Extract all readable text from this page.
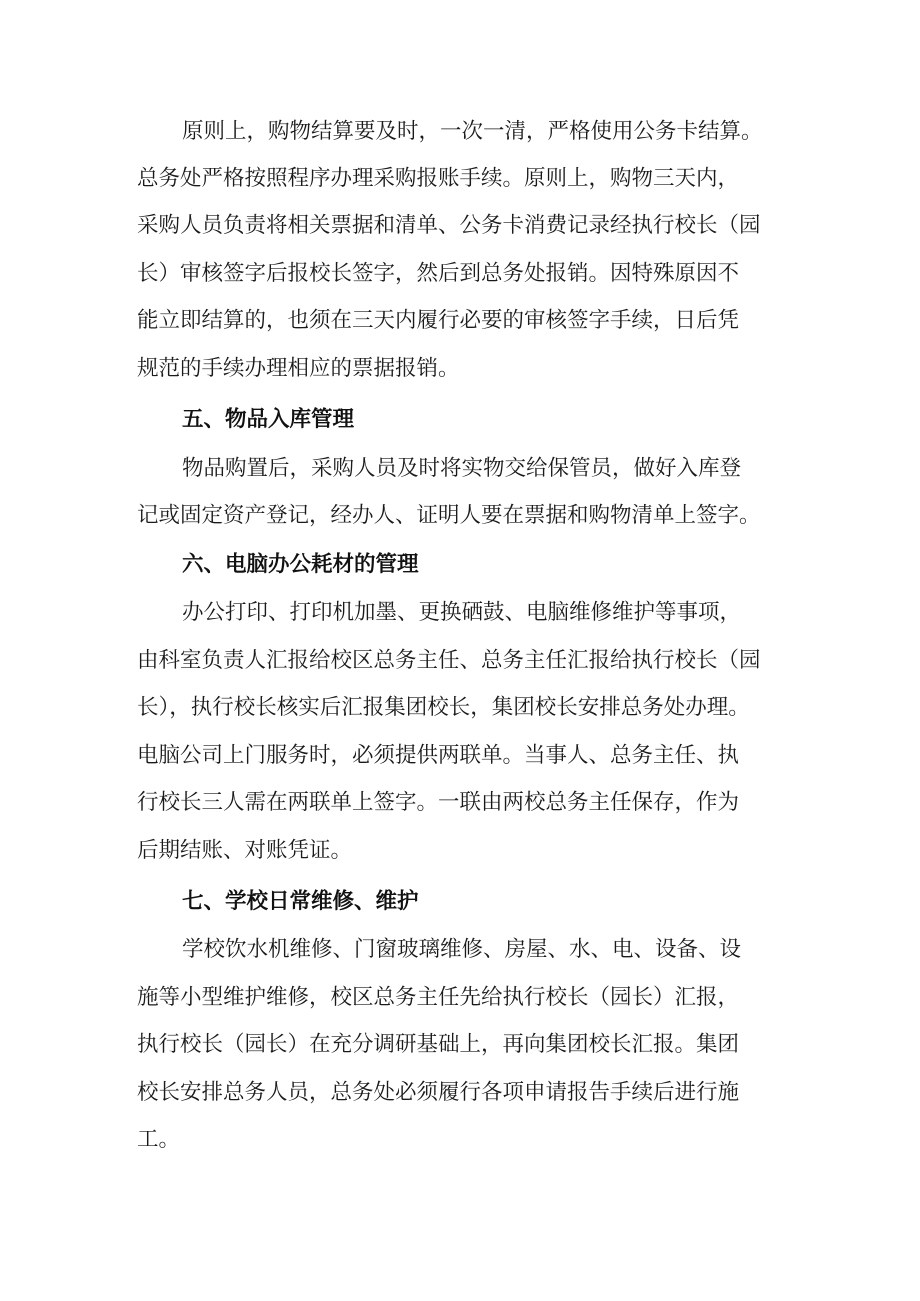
原则上，购物结算要及时，一次一清，严格使用公务卡结算。

总务处严格按照程序办理采购报账手续。原则上，购物三天内，

采购人员负责将相关票据和清单、公务卡消费记录经执行校长（园

长）审核签字后报校长签字，然后到总务处报销。因特殊原因不

能立即结算的，也须在三天内履行必要的审核签字手续，日后凭

规范的手续办理相应的票据报销。

五、物品入库管理

物品购置后，采购人员及时将实物交给保管员，做好入库登

记或固定资产登记，经办人、证明人要在票据和购物清单上签字。

六、电脑办公耗材的管理

办公打印、打印机加墨、更换硒鼓、电脑维修维护等事项，

由科室负责人汇报给校区总务主任、总务主任汇报给执行校长（园

长），执行校长核实后汇报集团校长，集团校长安排总务处办理。

电脑公司上门服务时，必须提供两联单。当事人、总务主任、执

行校长三人需在两联单上签字。一联由两校总务主任保存，作为

后期结账、对账凭证。

七、学校日常维修、维护

学校饮水机维修、门窗玻璃维修、房屋、水、电、设备、设

施等小型维护维修，校区总务主任先给执行校长（园长）汇报，

执行校长（园长）在充分调研基础上，再向集团校长汇报。集团

校长安排总务人员，总务处必须履行各项申请报告手续后进行施

工。
